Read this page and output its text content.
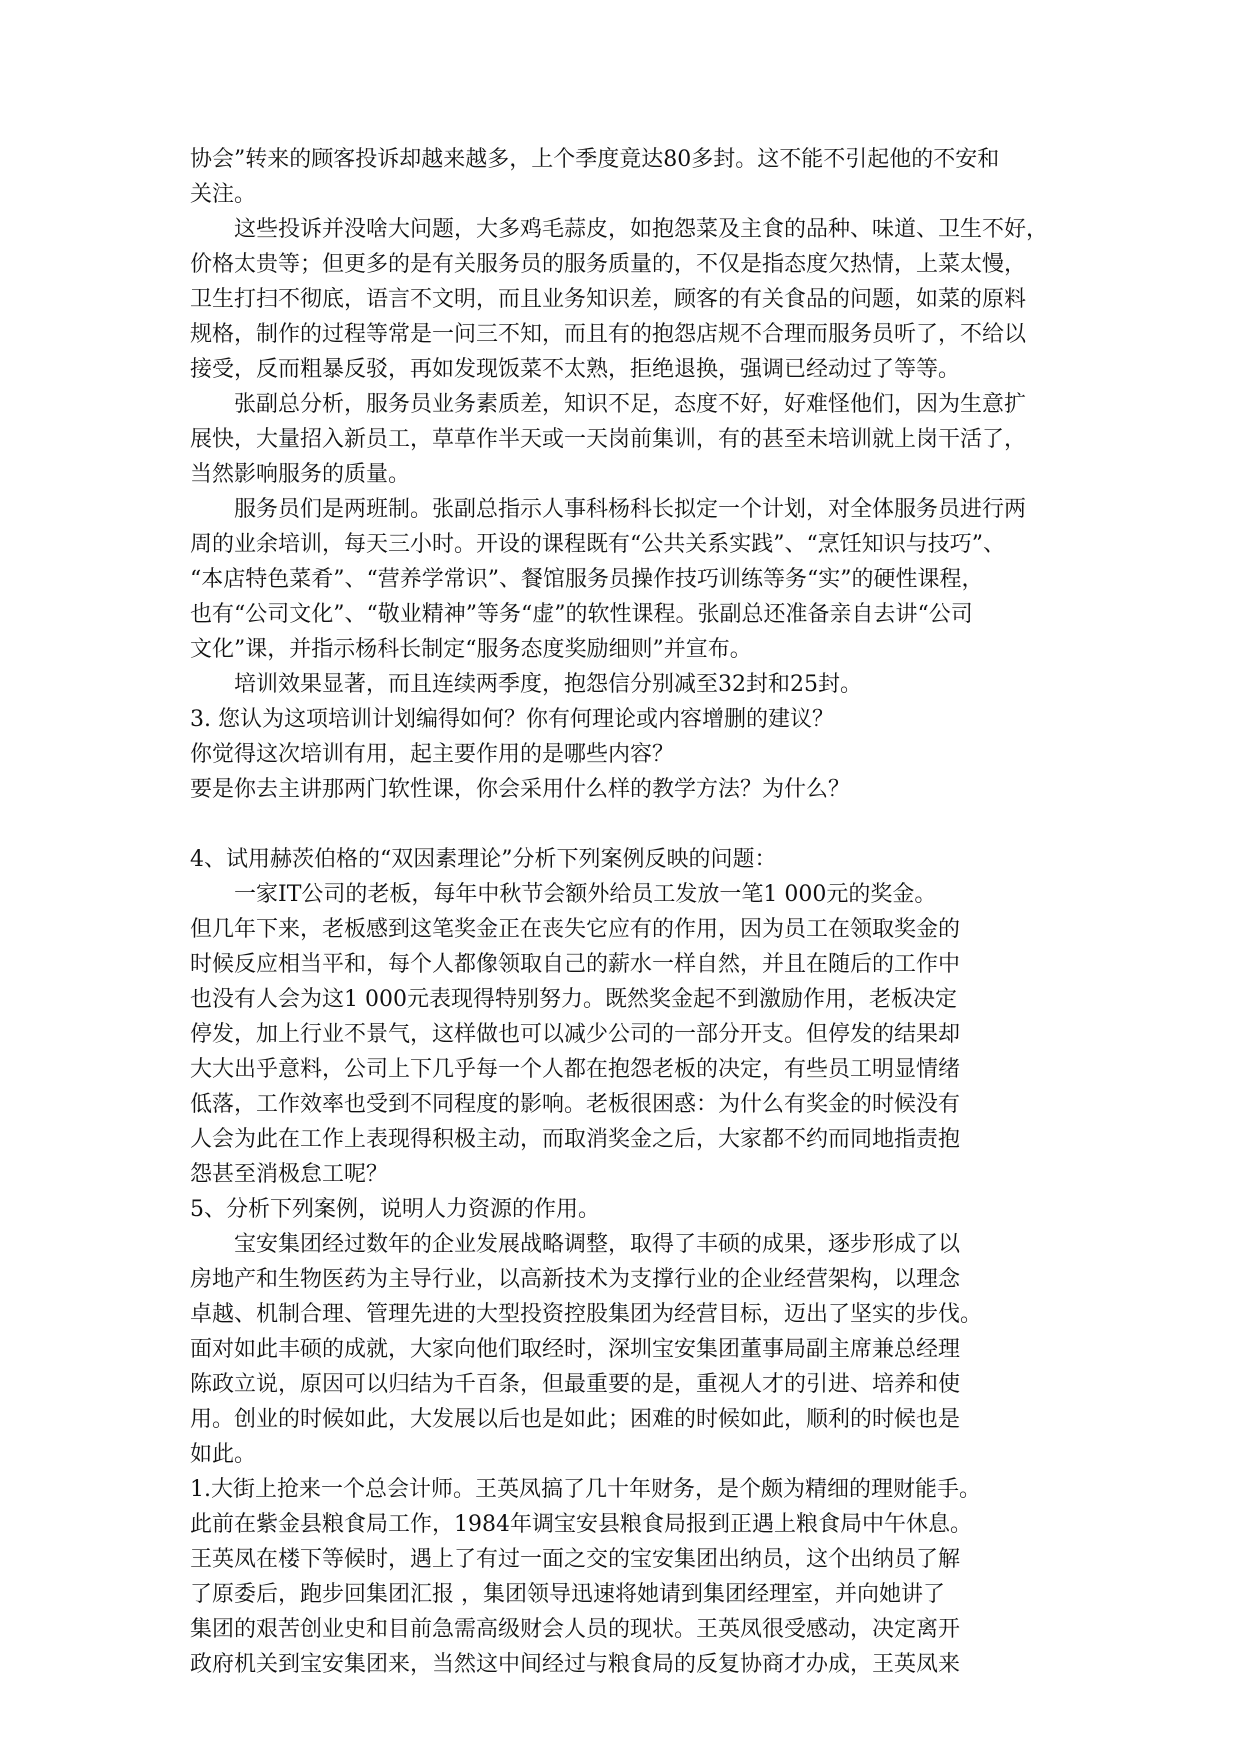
协会”转来的顾客投诉却越来越多，上个季度竟达80多封。这不能不引起他的不安和
关注。
　　这些投诉并没啥大问题，大多鸡毛蒜皮，如抱怨菜及主食的品种、味道、卫生不好，
价格太贵等；但更多的是有关服务员的服务质量的，不仅是指态度欠热情，上菜太慢，
卫生打扫不彻底，语言不文明，而且业务知识差，顾客的有关食品的问题，如菜的原料
规格，制作的过程等常是一问三不知，而且有的抱怨店规不合理而服务员听了，不给以
接受，反而粗暴反驳，再如发现饭菜不太熟，拒绝退换，强调已经动过了等等。
　　张副总分析，服务员业务素质差，知识不足，态度不好，好难怪他们，因为生意扩
展快，大量招入新员工，草草作半天或一天岗前集训，有的甚至未培训就上岗干活了，
当然影响服务的质量。
　　服务员们是两班制。张副总指示人事科杨科长拟定一个计划，对全体服务员进行两
周的业余培训，每天三小时。开设的课程既有“公共关系实践”、“烹饪知识与技巧”、
“本店特色菜肴”、“营养学常识”、餐馆服务员操作技巧训练等务“实”的硬性课程，
也有“公司文化”、“敬业精神”等务“虚”的软性课程。张副总还准备亲自去讲“公司
文化”课，并指示杨科长制定“服务态度奖励细则”并宣布。
　　培训效果显著，而且连续两季度，抱怨信分别减至32封和25封。
3. 您认为这项培训计划编得如何？你有何理论或内容增删的建议？
你觉得这次培训有用，起主要作用的是哪些内容？
要是你去主讲那两门软性课，你会采用什么样的教学方法？为什么？
4、试用赫茨伯格的“双因素理论”分析下列案例反映的问题：
　　一家IT公司的老板，每年中秋节会额外给员工发放一笔1 000元的奖金。
但几年下来，老板感到这笔奖金正在丧失它应有的作用，因为员工在领取奖金的
时候反应相当平和，每个人都像领取自己的薪水一样自然，并且在随后的工作中
也没有人会为这1 000元表现得特别努力。既然奖金起不到激励作用，老板决定
停发，加上行业不景气，这样做也可以减少公司的一部分开支。但停发的结果却
大大出乎意料，公司上下几乎每一个人都在抱怨老板的决定，有些员工明显情绪
低落，工作效率也受到不同程度的影响。老板很困惑：为什么有奖金的时候没有
人会为此在工作上表现得积极主动，而取消奖金之后，大家都不约而同地指责抱
怨甚至消极怠工呢？
5、分析下列案例，说明人力资源的作用。
　　宝安集团经过数年的企业发展战略调整，取得了丰硕的成果，逐步形成了以
房地产和生物医药为主导行业，以高新技术为支撑行业的企业经营架构，以理念
卓越、机制合理、管理先进的大型投资控股集团为经营目标，迈出了坚实的步伐。
面对如此丰硕的成就，大家向他们取经时，深圳宝安集团董事局副主席兼总经理
陈政立说，原因可以归结为千百条，但最重要的是，重视人才的引进、培养和使
用。创业的时候如此，大发展以后也是如此；困难的时候如此，顺利的时候也是
如此。
1.大街上抢来一个总会计师。王英凤搞了几十年财务，是个颇为精细的理财能手。
此前在紫金县粮食局工作，1984年调宝安县粮食局报到正遇上粮食局中午休息。
王英凤在楼下等候时，遇上了有过一面之交的宝安集团出纳员，这个出纳员了解
了原委后，跑步回集团汇报 ，集团领导迅速将她请到集团经理室，并向她讲了
集团的艰苦创业史和目前急需高级财会人员的现状。王英凤很受感动，决定离开
政府机关到宝安集团来，当然这中间经过与粮食局的反复协商才办成，王英凤来
